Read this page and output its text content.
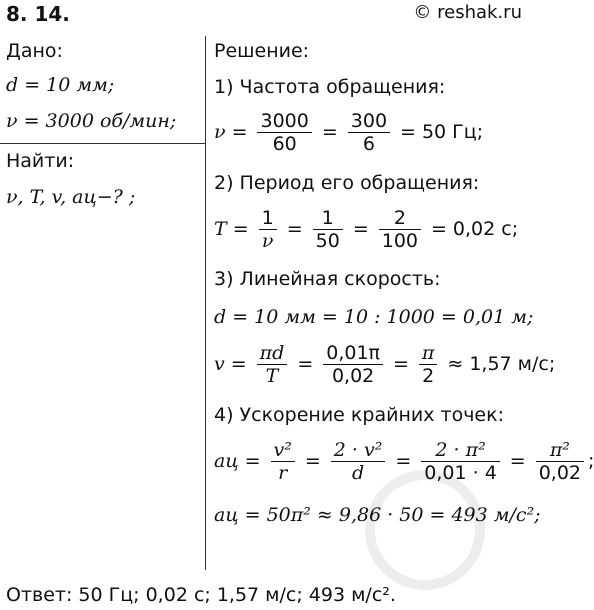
8. 14.	© reshak.ru
Дано:
d = 10 мм;
ν = 3000 об/мин;
Найти:
ν, T, v, aц−? ;
Решение:
1) Частота обращения:
$\nu = \frac{3000}{60} = \frac{300}{6} = 50$ Гц;
2) Период его обращения:
$T = \frac{1}{\nu} = \frac{1}{50} = \frac{2}{100} = 0,02$ с;
3) Линейная скорость:
d = 10 мм = 10 : 1000 = 0,01 м;
$v = \frac{\pi d}{T} = \frac{0,01\pi}{0,02} = \frac{\pi}{2} \approx 1,57$ м/с;
4) Ускорение крайних точек:
aц = $\frac{\text{v²}}{r} = \frac{\text{2 · v²}}{d} = \frac{\text{2 · π²}}{0,01 \cdot 4} = \frac{\text{π²}}{0,02}$ ;
aц = 50π² ≈ 9,86 · 50 = 493 м/с²;
Ответ: 50 Гц; 0,02 с; 1,57 м/с; 493 м/с².
